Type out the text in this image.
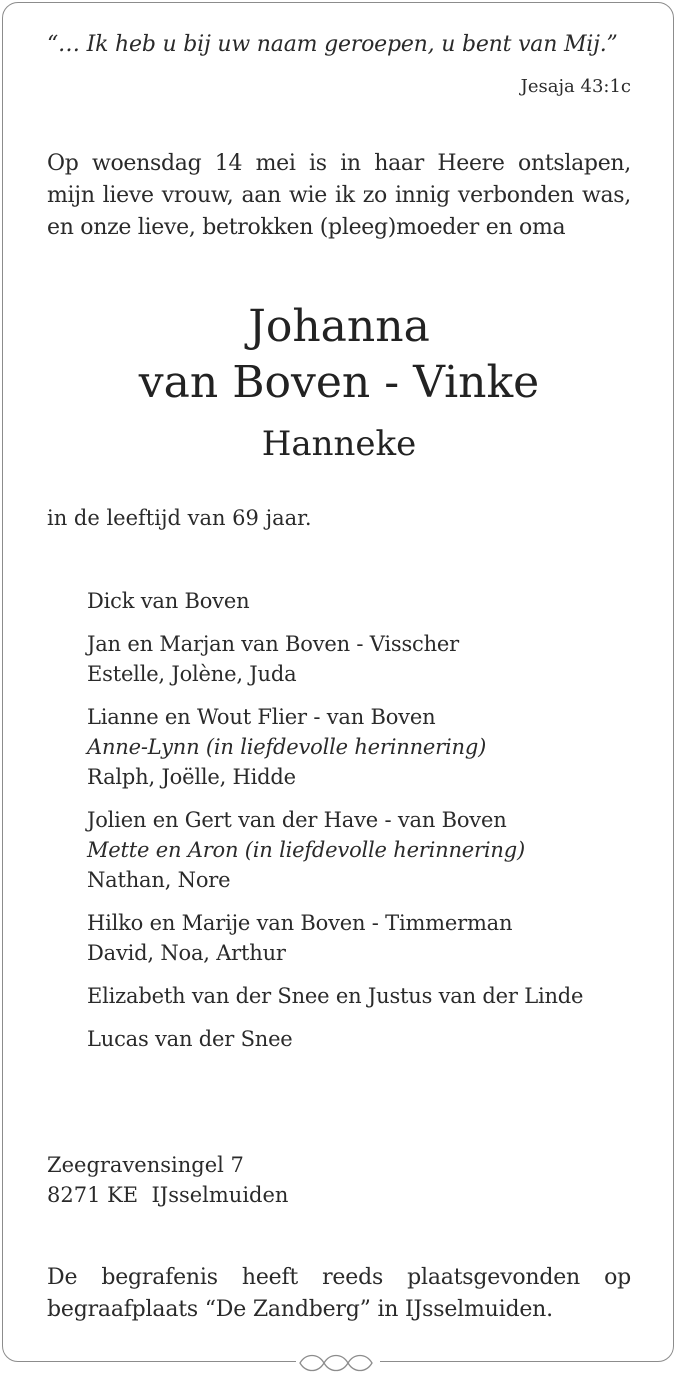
“… Ik heb u bij uw naam geroepen, u bent van Mij.”
Jesaja 43:1c
Op woensdag 14 mei is in haar Heere ontslapen,
mijn lieve vrouw, aan wie ik zo innig verbonden was,
en onze lieve, betrokken (pleeg)moeder en oma
Johanna
van Boven - Vinke
Hanneke
in de leeftijd van 69 jaar.
Dick van Boven
Jan en Marjan van Boven - Visscher
Estelle, Jolène, Juda
Lianne en Wout Flier - van Boven
Anne-Lynn (in liefdevolle herinnering)
Ralph, Joëlle, Hidde
Jolien en Gert van der Have - van Boven
Mette en Aron (in liefdevolle herinnering)
Nathan, Nore
Hilko en Marije van Boven - Timmerman
David, Noa, Arthur
Elizabeth van der Snee en Justus van der Linde
Lucas van der Snee
Zeegravensingel 7
8271 KE  IJsselmuiden
De begrafenis heeft reeds plaatsgevonden op
begraafplaats “De Zandberg” in IJsselmuiden.
